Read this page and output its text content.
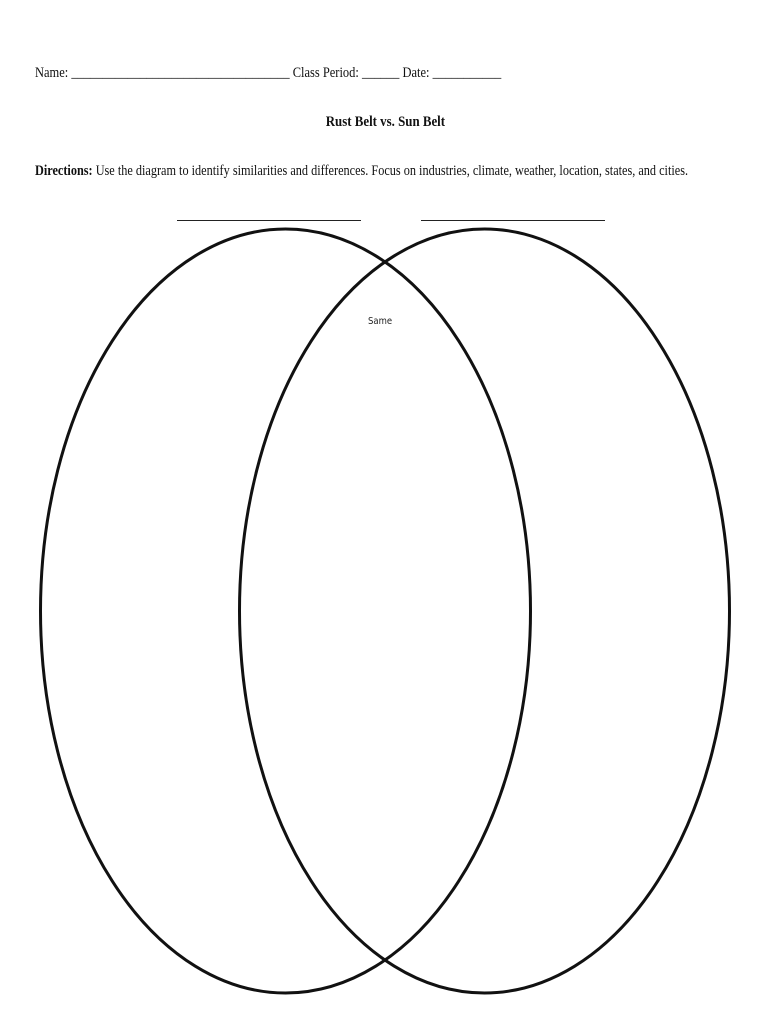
Name: ___________________________________ Class Period: ______ Date: ___________
Rust Belt vs. Sun Belt
Directions: Use the diagram to identify similarities and differences. Focus on industries, climate, weather, location, states, and cities.
Same
